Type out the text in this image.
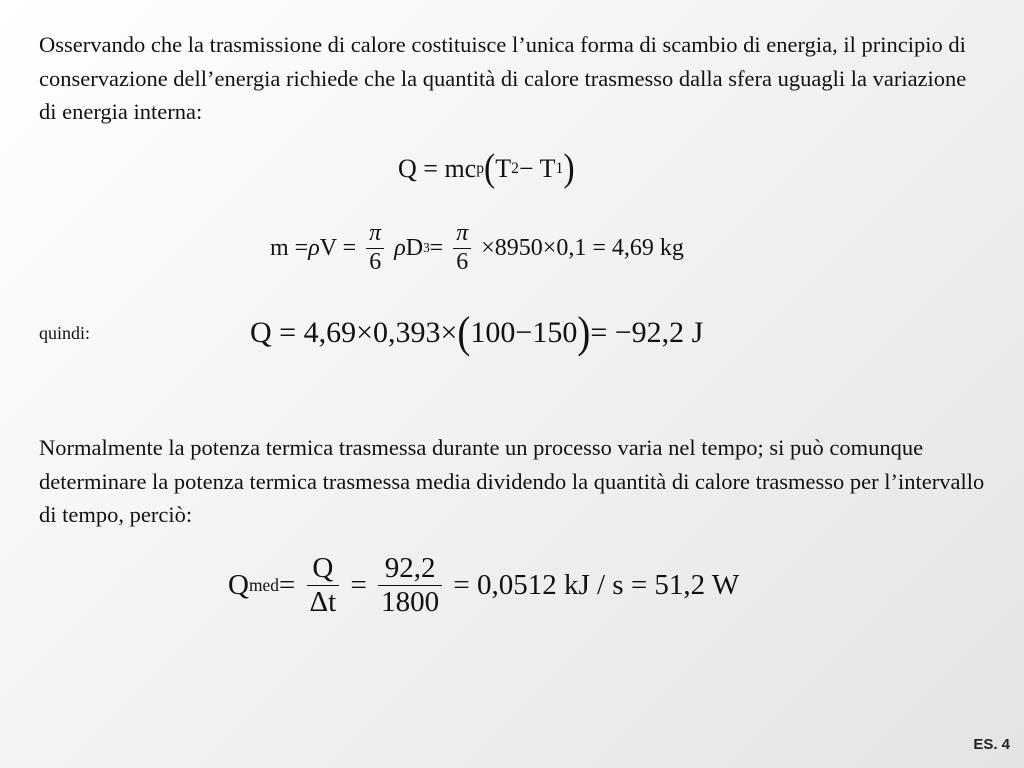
Osservando che la trasmissione di calore costituisce l’unica forma di scambio di energia, il principio di conservazione dell’energia richiede che la quantità di calore trasmesso dalla sfera uguagli la variazione di energia interna:

Q = mcp(T2− T1)
$m =\rho V = \frac{\pi}{6} \rho D3= \frac{\pi}{6} \times 8950\times 0,1 = 4,69$ kg
quindi:	Q = 4,69×0,393×(100−150)= −92,2 J

Normalmente la potenza termica trasmessa durante un processo varia nel tempo; si può comunque determinare la potenza termica trasmessa media dividendo la quantità di calore trasmesso per l’intervallo di tempo, perciò:

Qmed= $\frac{Q}{\Delta t} = \frac{92,2}{1800} = 0,0512$ kJ / s = 51,2 W
ES. 4
